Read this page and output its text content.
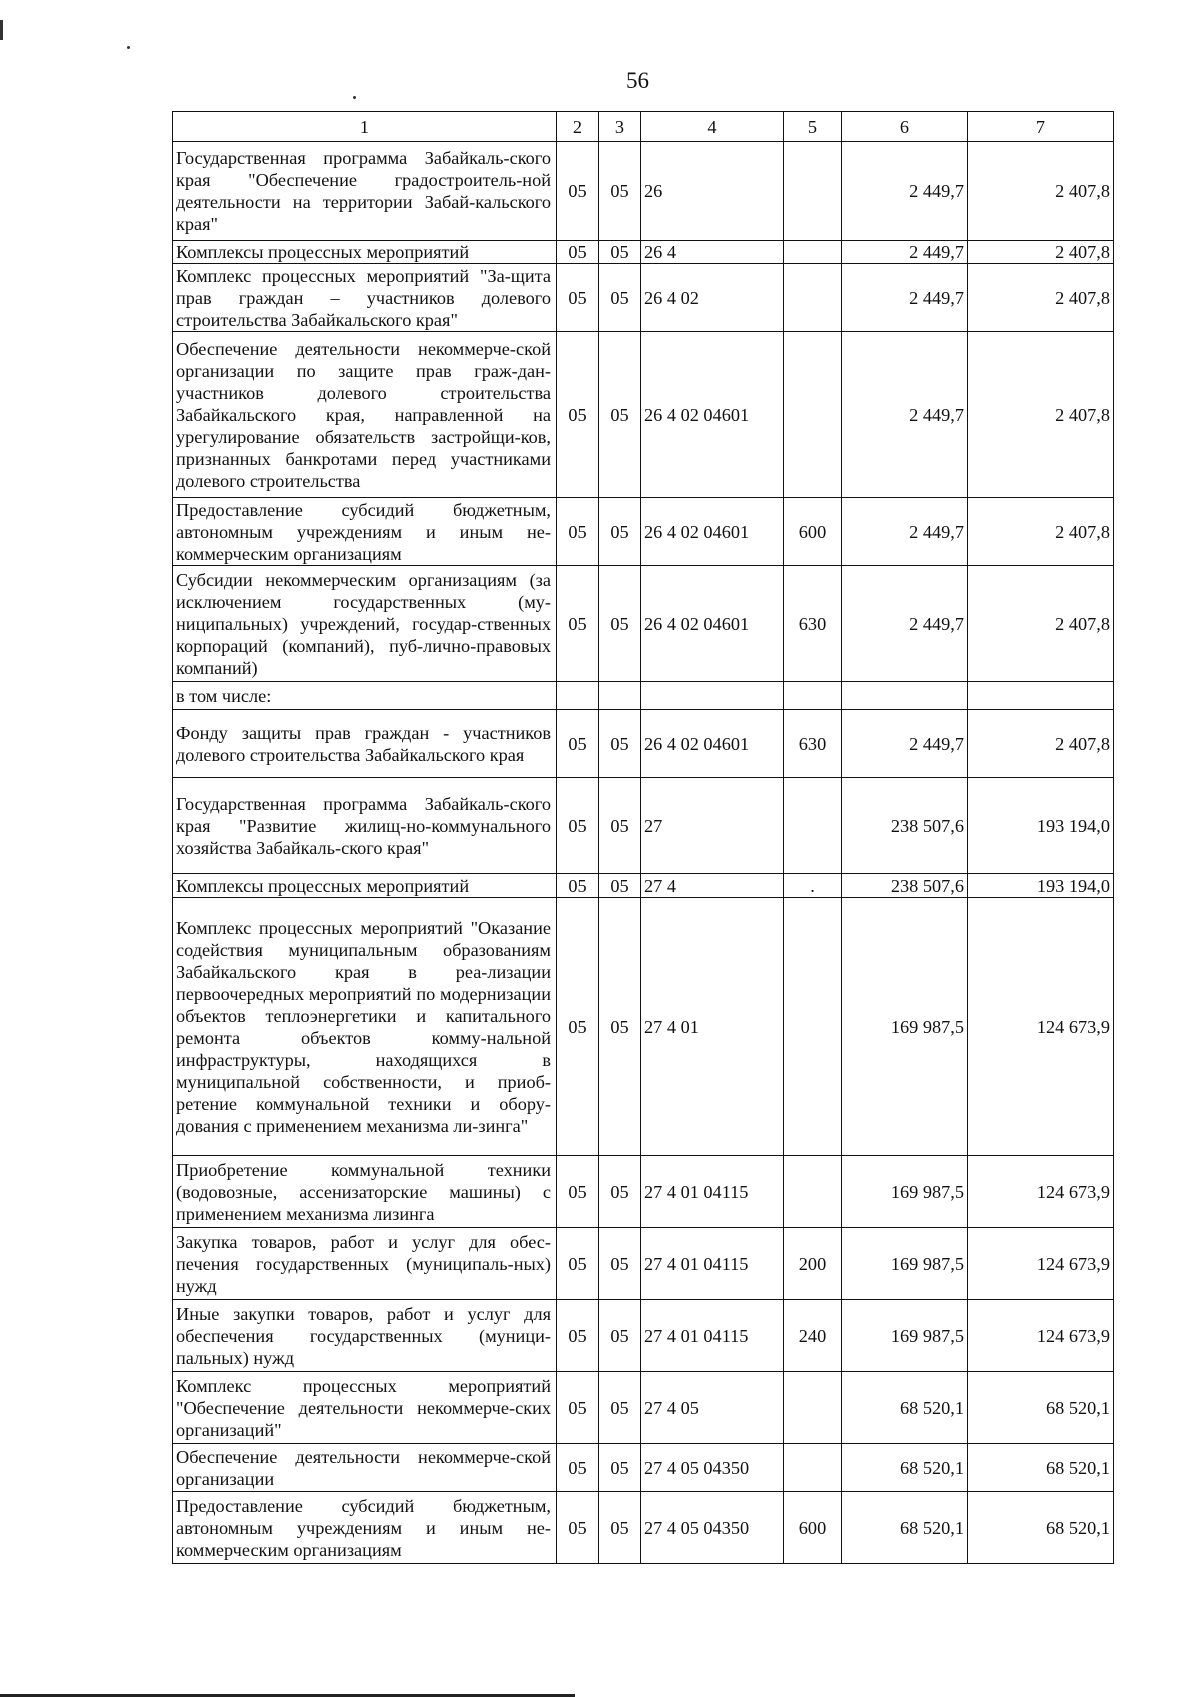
56
1	2	3	4	5	6	7
Государственная программа Забайкаль-ского края "Обеспечение градостроитель-ной деятельности на территории Забай-кальского края"	05	05	26		2 449,7	2 407,8
Комплексы процессных мероприятий	05	05	26 4		2 449,7	2 407,8
Комплекс процессных мероприятий "За-щита прав граждан – участников долевого строительства Забайкальского края"	05	05	26 4 02		2 449,7	2 407,8
Обеспечение деятельности некоммерче-ской организации по защите прав граж-дан-участников долевого строительства Забайкальского края, направленной на урегулирование обязательств застройщи-ков, признанных банкротами перед участниками долевого строительства	05	05	26 4 02 04601		2 449,7	2 407,8
Предоставление субсидий бюджетным, автономным учреждениям и иным не-коммерческим организациям	05	05	26 4 02 04601	600	2 449,7	2 407,8
Субсидии некоммерческим организациям (за исключением государственных (му-ниципальных) учреждений, государ-ственных корпораций (компаний), пуб-лично-правовых компаний)	05	05	26 4 02 04601	630	2 449,7	2 407,8
в том числе:						
Фонду защиты прав граждан - участников долевого строительства Забайкальского края	05	05	26 4 02 04601	630	2 449,7	2 407,8
Государственная программа Забайкаль-ского края "Развитие жилищ-но-коммунального хозяйства Забайкаль-ского края"	05	05	27		238 507,6	193 194,0
Комплексы процессных мероприятий	05	05	27 4	.	238 507,6	193 194,0
Комплекс процессных мероприятий "Оказание содействия муниципальным образованиям Забайкальского края в реа-лизации первоочередных мероприятий по модернизации объектов теплоэнергетики и капитального ремонта объектов комму-нальной инфраструктуры, находящихся в муниципальной собственности, и приоб-ретение коммунальной техники и обору-дования с применением механизма ли-зинга"	05	05	27 4 01		169 987,5	124 673,9
Приобретение коммунальной техники (водовозные, ассенизаторские машины) с применением механизма лизинга	05	05	27 4 01 04115		169 987,5	124 673,9
Закупка товаров, работ и услуг для обес-печения государственных (муниципаль-ных) нужд	05	05	27 4 01 04115	200	169 987,5	124 673,9
Иные закупки товаров, работ и услуг для обеспечения государственных (муници-пальных) нужд	05	05	27 4 01 04115	240	169 987,5	124 673,9
Комплекс процессных мероприятий "Обеспечение деятельности некоммерче-ских организаций"	05	05	27 4 05		68 520,1	68 520,1
Обеспечение деятельности некоммерче-ской организации	05	05	27 4 05 04350		68 520,1	68 520,1
Предоставление субсидий бюджетным, автономным учреждениям и иным не-коммерческим организациям	05	05	27 4 05 04350	600	68 520,1	68 520,1
